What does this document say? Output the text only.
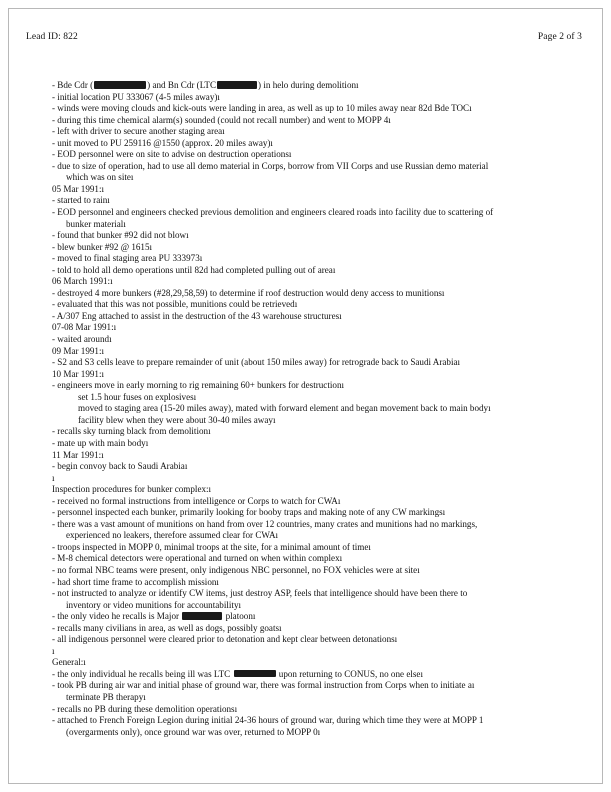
Lead ID: 822	Page 2 of 3
- Bde Cdr (	) and Bn Cdr (LTC	) in helo during demolitionı
- initial location PU 333067 (4-5 miles away)ı
- winds were moving clouds and kick-outs were landing in area, as well as up to 10 miles away near 82d Bde TOCı
- during this time chemical alarm(s) sounded (could not recall number) and went to MOPP 4ı
- left with driver to secure another staging areaı
- unit moved to PU 259116 @1550 (approx. 20 miles away)ı
- EOD personnel were on site to advise on destruction operationsı
- due to size of operation, had to use all demo material in Corps, borrow from VII Corps and use Russian demo material
which was on siteı
05 Mar 1991:ı
- started to rainı
- EOD personnel and engineers checked previous demolition and engineers cleared roads into facility due to scattering of
bunker materialı
- found that bunker #92 did not blowı
- blew bunker #92 @ 1615ı
- moved to final staging area PU 333973ı
- told to hold all demo operations until 82d had completed pulling out of areaı
06 March 1991:ı
- destroyed 4 more bunkers (#28,29,58,59) to determine if roof destruction would deny access to munitionsı
- evaluated that this was not possible, munitions could be retrievedı
- A/307 Eng attached to assist in the destruction of the 43 warehouse structuresı
07-08 Mar 1991:ı
- waited aroundı
09 Mar 1991:ı
- S2 and S3 cells leave to prepare remainder of unit (about 150 miles away) for retrograde back to Saudi Arabiaı
10 Mar 1991:ı
- engineers move in early morning to rig remaining 60+ bunkers for destructionı
set 1.5 hour fuses on explosivesı
moved to staging area (15-20 miles away), mated with forward element and began movement back to main bodyı
facility blew when they were about 30-40 miles awayı
- recalls sky turning black from demolitionı
- mate up with main bodyı
11 Mar 1991:ı
- begin convoy back to Saudi Arabiaı
ı
Inspection procedures for bunker complex:ı
- received no formal instructions from intelligence or Corps to watch for CWAı
- personnel inspected each bunker, primarily looking for booby traps and making note of any CW markingsı
- there was a vast amount of munitions on hand from over 12 countries, many crates and munitions had no markings,
experienced no leakers, therefore assumed clear for CWAı
- troops inspected in MOPP 0, minimal troops at the site, for a minimal amount of timeı
- M-8 chemical detectors were operational and turned on when within complexı
- no formal NBC teams were present, only indigenous NBC personnel, no FOX vehicles were at siteı
- had short time frame to accomplish missionı
- not instructed to analyze or identify CW items, just destroy ASP, feels that intelligence should have been there to
inventory or video munitions for accountabilityı
- the only video he recalls is Major	platoonı
- recalls many civilians in area, as well as dogs, possibly goatsı
- all indigenous personnel were cleared prior to detonation and kept clear between detonationsı
ı
General:ı
- the only individual he recalls being ill was LTC	upon returning to CONUS, no one elseı
- took PB during air war and initial phase of ground war, there was formal instruction from Corps when to initiate aı
terminate PB therapyı
- recalls no PB during these demolition operationsı
- attached to French Foreign Legion during initial 24-36 hours of ground war, during which time they were at MOPP 1
(overgarments only), once ground war was over, returned to MOPP 0ı
